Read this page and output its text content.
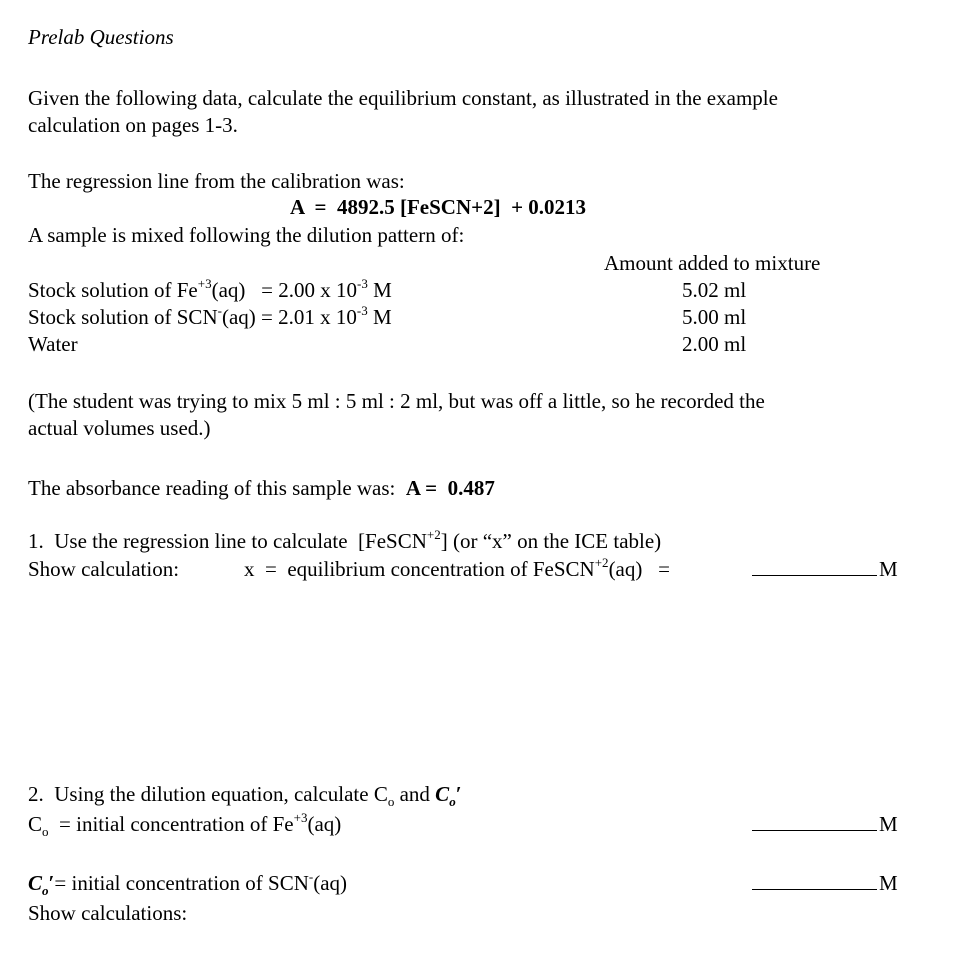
Prelab Questions
Given the following data, calculate the equilibrium constant, as illustrated in the example
calculation on pages 1-3.
The regression line from the calibration was:
A  =  4892.5 [FeSCN+2]  + 0.0213
A sample is mixed following the dilution pattern of:
Amount added to mixture
Stock solution of $Fe^{+3}(aq) = 2.00$ x $10^{-3}$ M	5.02 ml
Stock solution of SCN-(aq) = 2.01 x $10^{-3}$ M	5.00 ml
Water	2.00 ml
(The student was trying to mix 5 ml : 5 ml : 2 ml, but was off a little, so he recorded the
actual volumes used.)
The absorbance reading of this sample was: A =  0.487
1.  Use the regression line to calculate  [FeSCN$^{+2}$] (or “x” on the ICE table)
Show calculation:	x  =  equilibrium concentration of FeSCN$^{+2}$(aq)   =	M
2.  Using the dilution equation, calculate $C_o$ and $C_o'$
$C_o$  = initial concentration of $Fe^{+3}(aq)$	M
$C_o'=$ initial concentration of SCN-(aq)	M
Show calculations:
